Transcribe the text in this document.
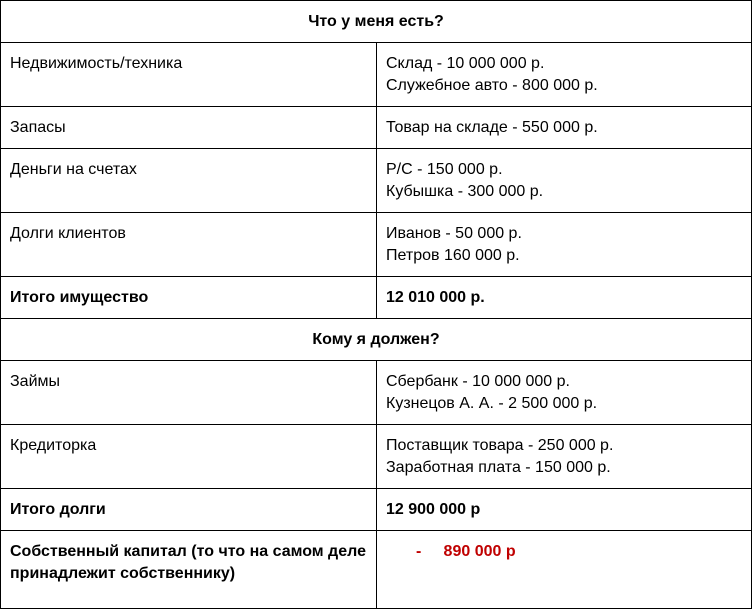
Что у меня есть?	
Недвижимость/техника	Склад - 10 000 000 р.
Служебное авто - 800 000 р.

Запасы	Товар на складе - 550 000 р.

Деньги на счетах	Р/С - 150 000 р.
Кубышка - 300 000 р.

Долги клиентов	Иванов - 50 000 р.
Петров 160 000 р.

Итого имущество	12 010 000 р.
Кому я должен?	
Займы	Сбербанк - 10 000 000 р.
Кузнецов А. А. - 2 500 000 р.

Кредиторка	Поставщик товара - 250 000 р.
Заработная плата - 150 000 р.

Итого долги	12 900 000 р
Собственный капитал (то что на самом деле принадлежит собственнику)	-     890 000 р
